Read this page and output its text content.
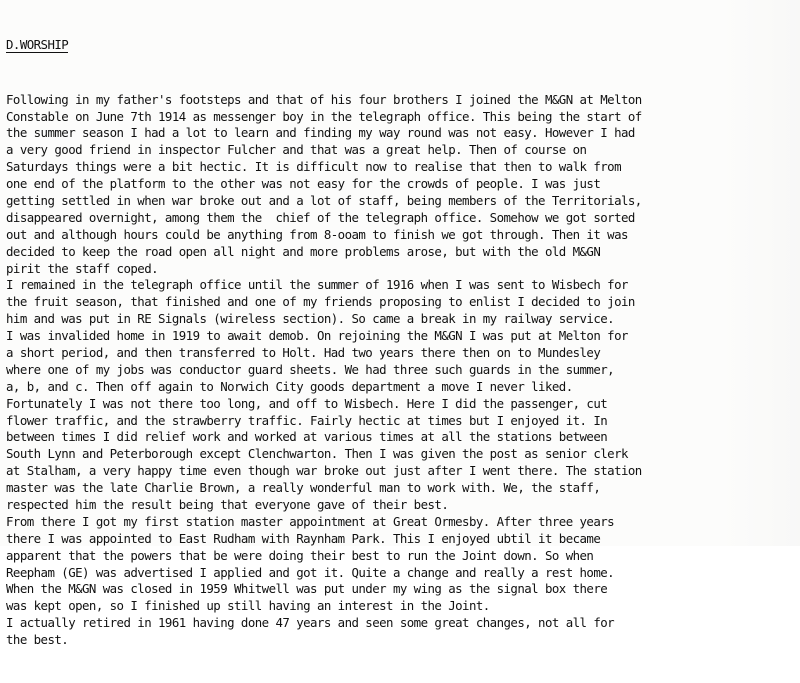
D.WORSHIP

Following in my father's footsteps and that of his four brothers I joined the M&GN at Melton
Constable on June 7th 1914 as messenger boy in the telegraph office. This being the start of
the summer season I had a lot to learn and finding my way round was not easy. However I had
a very good friend in inspector Fulcher and that was a great help. Then of course on
Saturdays things were a bit hectic. It is difficult now to realise that then to walk from
one end of the platform to the other was not easy for the crowds of people. I was just
getting settled in when war broke out and a lot of staff, being members of the Territorials,
disappeared overnight, among them the  chief of the telegraph office. Somehow we got sorted
out and although hours could be anything from 8-ooam to finish we got through. Then it was
decided to keep the road open all night and more problems arose, but with the old M&GN
pirit the staff coped.
I remained in the telegraph office until the summer of 1916 when I was sent to Wisbech for
the fruit season, that finished and one of my friends proposing to enlist I decided to join
him and was put in RE Signals (wireless section). So came a break in my railway service.
I was invalided home in 1919 to await demob. On rejoining the M&GN I was put at Melton for
a short period, and then transferred to Holt. Had two years there then on to Mundesley
where one of my jobs was conductor guard sheets. We had three such guards in the summer,
a, b, and c. Then off again to Norwich City goods department a move I never liked.
Fortunately I was not there too long, and off to Wisbech. Here I did the passenger, cut
flower traffic, and the strawberry traffic. Fairly hectic at times but I enjoyed it. In
between times I did relief work and worked at various times at all the stations between
South Lynn and Peterborough except Clenchwarton. Then I was given the post as senior clerk
at Stalham, a very happy time even though war broke out just after I went there. The station
master was the late Charlie Brown, a really wonderful man to work with. We, the staff,
respected him the result being that everyone gave of their best.
From there I got my first station master appointment at Great Ormesby. After three years
there I was appointed to East Rudham with Raynham Park. This I enjoyed ubtil it became
apparent that the powers that be were doing their best to run the Joint down. So when
Reepham (GE) was advertised I applied and got it. Quite a change and really a rest home.
When the M&GN was closed in 1959 Whitwell was put under my wing as the signal box there
was kept open, so I finished up still having an interest in the Joint.
I actually retired in 1961 having done 47 years and seen some great changes, not all for
the best.
